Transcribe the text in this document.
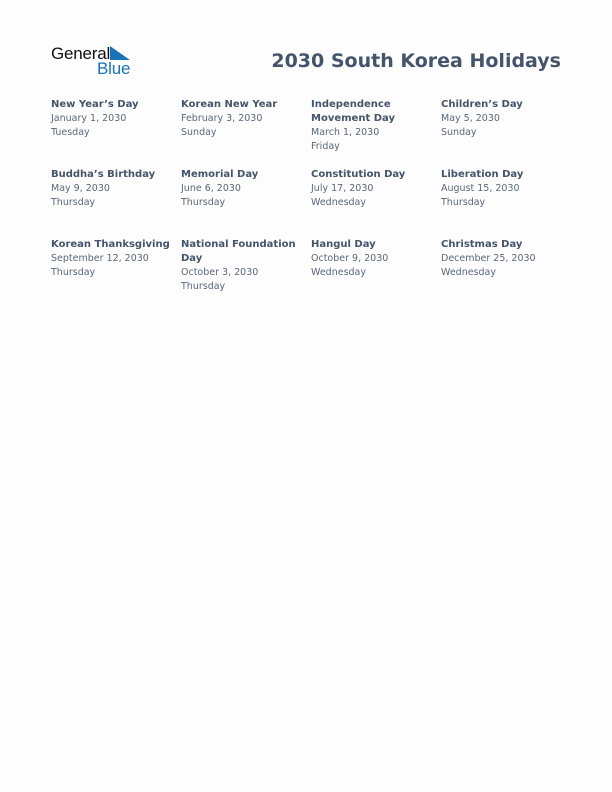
General
Blue	2030 South Korea Holidays
New Year’s Day
January 1, 2030
Tuesday
Korean New Year
February 3, 2030
Sunday
Independence Movement Day
March 1, 2030
Friday
Children’s Day
May 5, 2030
Sunday
Buddha’s Birthday
May 9, 2030
Thursday
Memorial Day
June 6, 2030
Thursday
Constitution Day
July 17, 2030
Wednesday
Liberation Day
August 15, 2030
Thursday
Korean Thanksgiving
September 12, 2030
Thursday
National Foundation Day
October 3, 2030
Thursday
Hangul Day
October 9, 2030
Wednesday
Christmas Day
December 25, 2030
Wednesday
